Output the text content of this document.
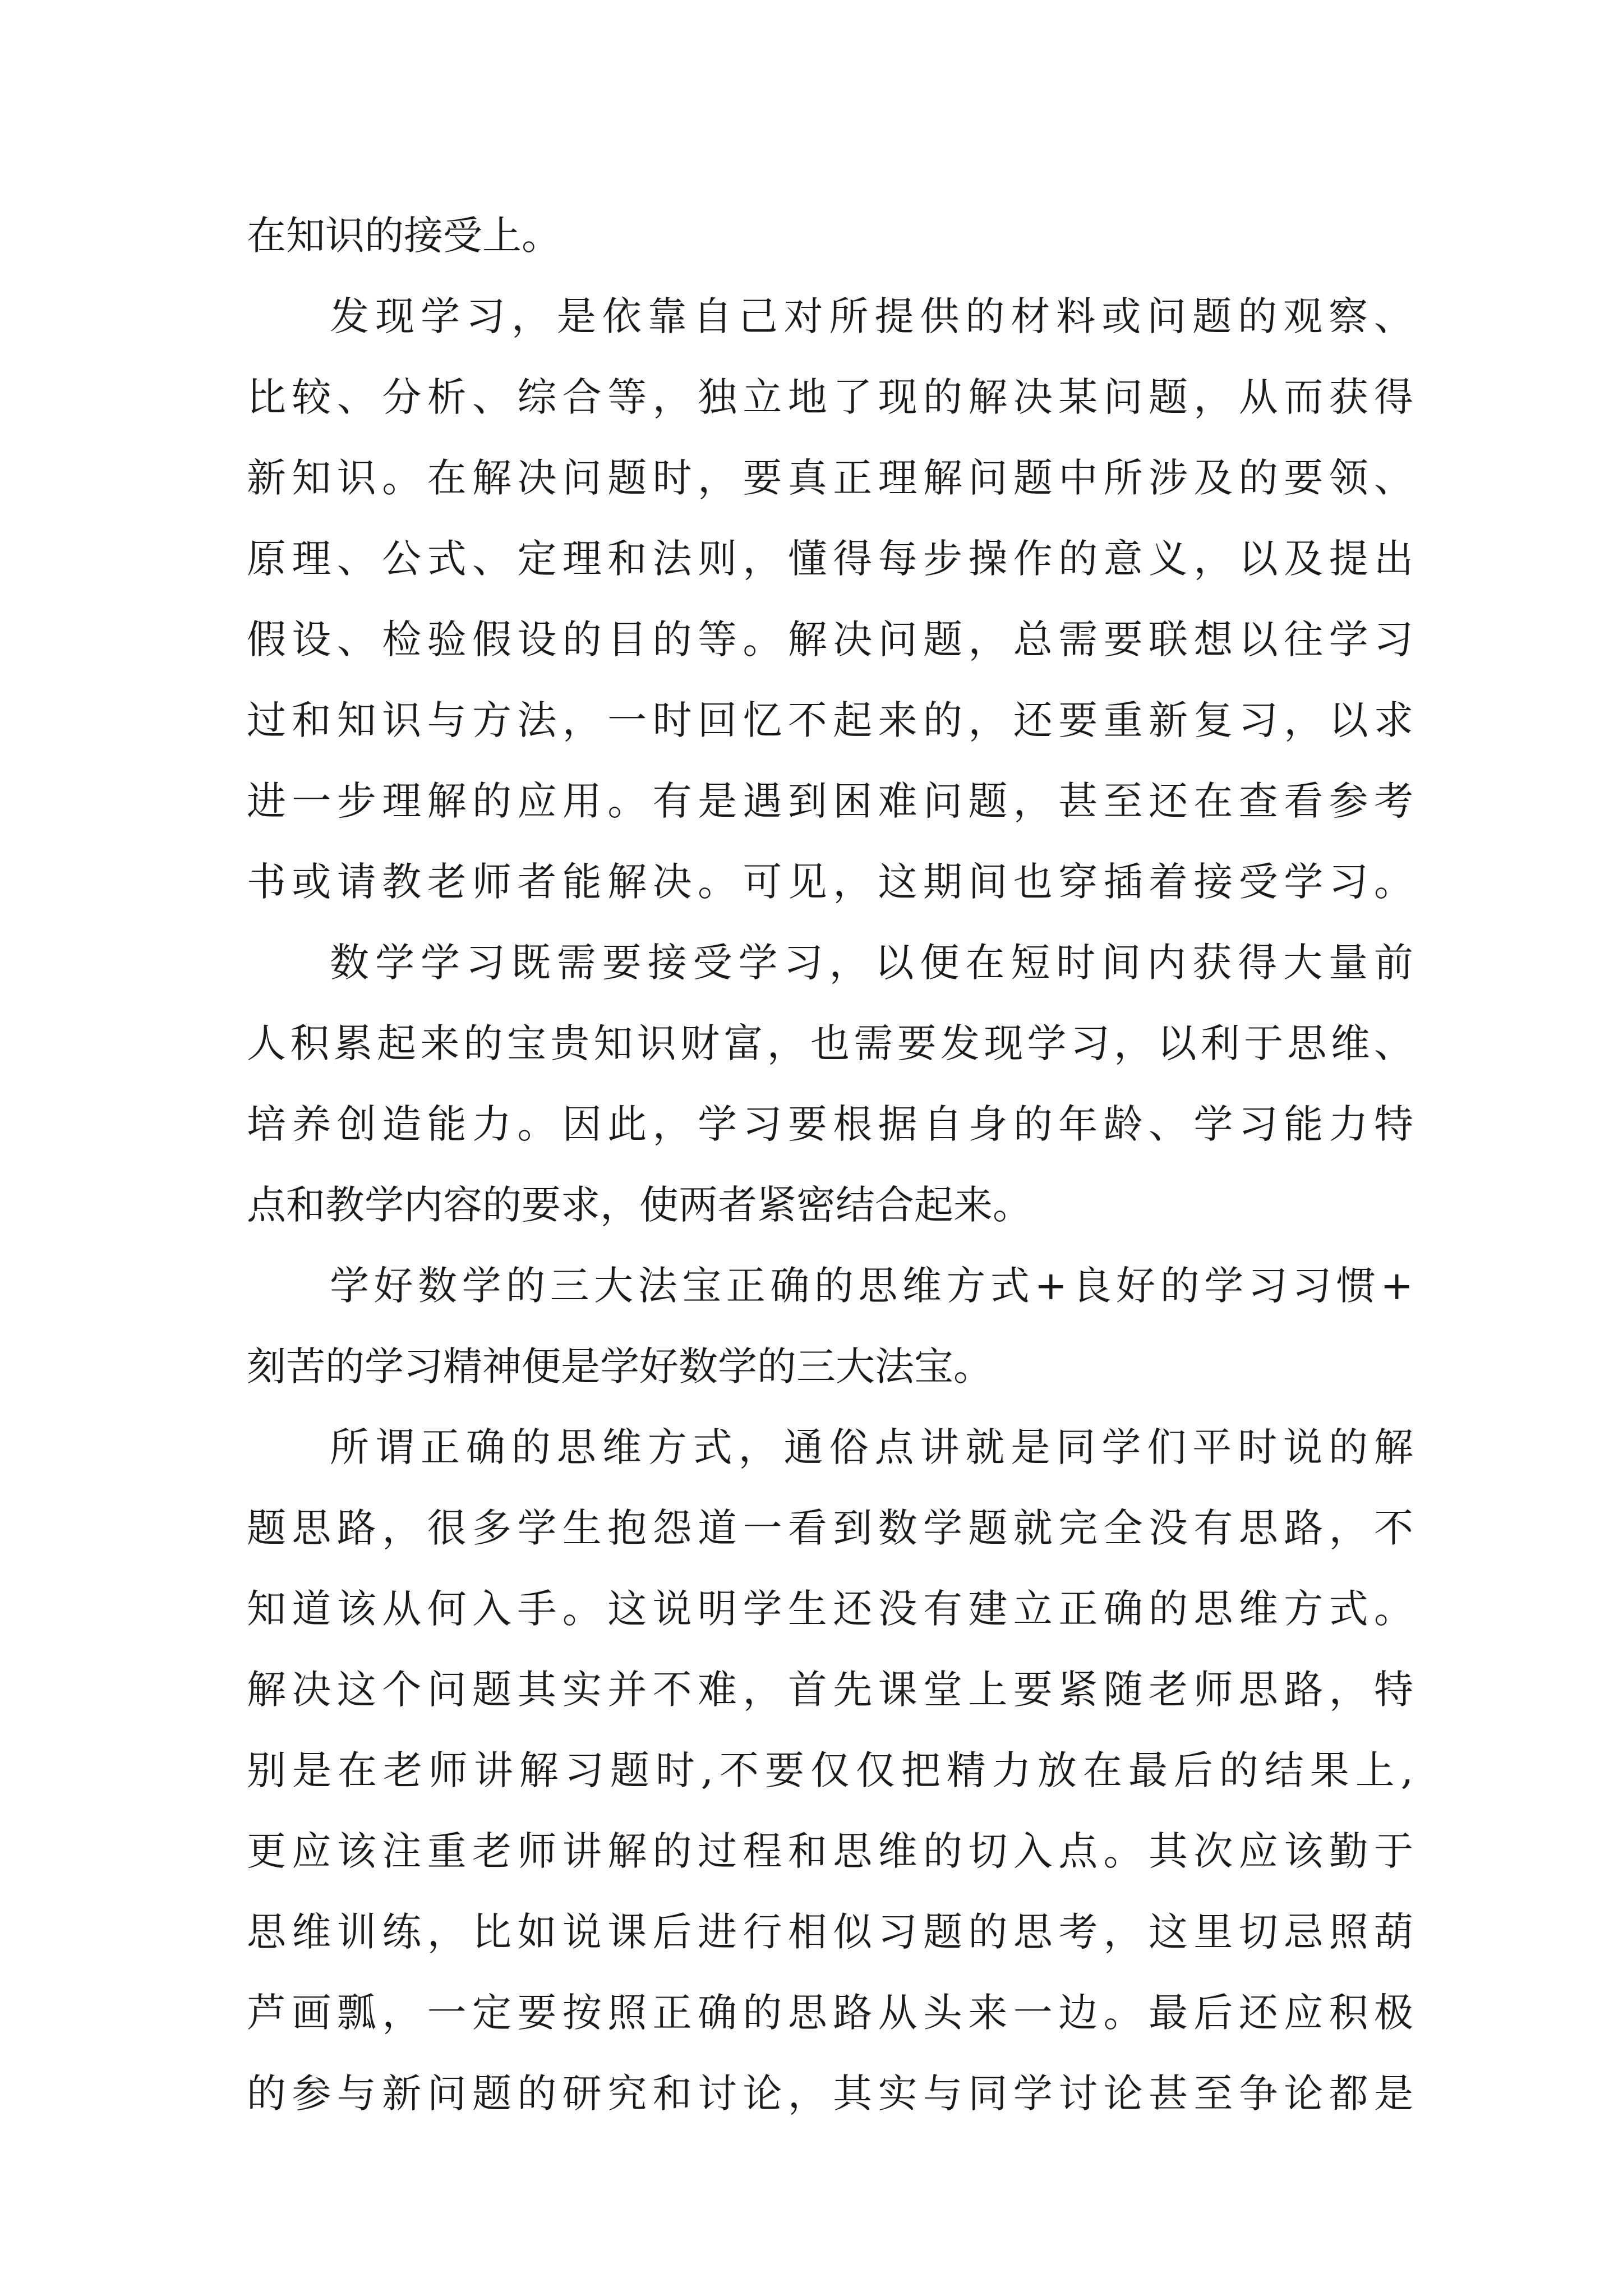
在知识的接受上。
发现学习，是依靠自己对所提供的材料或问题的观察、
比较、分析、综合等，独立地了现的解决某问题，从而获得
新知识。在解决问题时，要真正理解问题中所涉及的要领、
原理、公式、定理和法则，懂得每步操作的意义，以及提出
假设、检验假设的目的等。解决问题，总需要联想以往学习
过和知识与方法，一时回忆不起来的，还要重新复习，以求
进一步理解的应用。有是遇到困难问题，甚至还在查看参考
书或请教老师者能解决。可见，这期间也穿插着接受学习。
数学学习既需要接受学习，以便在短时间内获得大量前
人积累起来的宝贵知识财富，也需要发现学习，以利于思维、
培养创造能力。因此，学习要根据自身的年龄、学习能力特
点和教学内容的要求，使两者紧密结合起来。
学好数学的三大法宝正确的思维方式+良好的学习习惯+
刻苦的学习精神便是学好数学的三大法宝。
所谓正确的思维方式，通俗点讲就是同学们平时说的解
题思路，很多学生抱怨道一看到数学题就完全没有思路，不
知道该从何入手。这说明学生还没有建立正确的思维方式。
解决这个问题其实并不难，首先课堂上要紧随老师思路，特
别是在老师讲解习题时,不要仅仅把精力放在最后的结果上,
更应该注重老师讲解的过程和思维的切入点。其次应该勤于
思维训练，比如说课后进行相似习题的思考，这里切忌照葫
芦画瓢，一定要按照正确的思路从头来一边。最后还应积极
的参与新问题的研究和讨论，其实与同学讨论甚至争论都是
